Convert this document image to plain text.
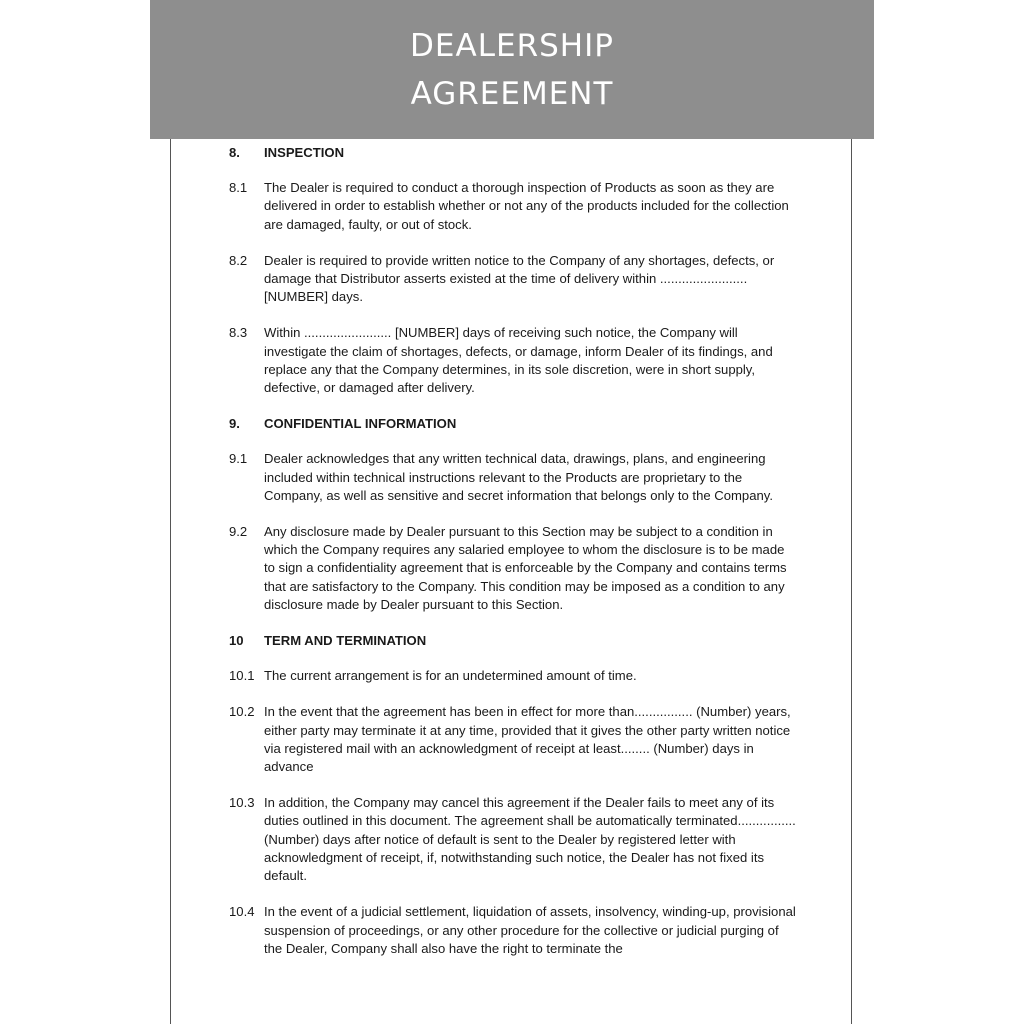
DEALERSHIP
AGREEMENT
8.	INSPECTION
8.1	The Dealer is required to conduct a thorough inspection of Products as soon as they are delivered in order to establish whether or not any of the products included for the collection are damaged, faulty, or out of stock.
8.2	Dealer is required to provide written notice to the Company of any shortages, defects, or damage that Distributor asserts existed at the time of delivery within ........................ [NUMBER] days.
8.3	Within ........................ [NUMBER] days of receiving such notice, the Company will investigate the claim of shortages, defects, or damage, inform Dealer of its findings, and replace any that the Company determines, in its sole discretion, were in short supply, defective, or damaged after delivery.
9.	CONFIDENTIAL INFORMATION
9.1	Dealer acknowledges that any written technical data, drawings, plans, and engineering included within technical instructions relevant to the Products are proprietary to the Company, as well as sensitive and secret information that belongs only to the Company.
9.2	Any disclosure made by Dealer pursuant to this Section may be subject to a condition in which the Company requires any salaried employee to whom the disclosure is to be made to sign a confidentiality agreement that is enforceable by the Company and contains terms that are satisfactory to the Company. This condition may be imposed as a condition to any disclosure made by Dealer pursuant to this Section.
10	TERM AND TERMINATION
10.1 The current arrangement is for an undetermined amount of time.
10.2 In the event that the agreement has been in effect for more than................ (Number) years, either party may terminate it at any time, provided that it gives the other party written notice via registered mail with an acknowledgment of receipt at least........ (Number) days in advance
10.3 In addition, the Company may cancel this agreement if the Dealer fails to meet any of its duties outlined in this document. The agreement shall be automatically terminated................ (Number) days after notice of default is sent to the Dealer by registered letter with acknowledgment of receipt, if, notwithstanding such notice, the Dealer has not fixed its default.
10.4 In the event of a judicial settlement, liquidation of assets, insolvency, winding-up, provisional suspension of proceedings, or any other procedure for the collective or judicial purging of the Dealer, Company shall also have the right to terminate the
